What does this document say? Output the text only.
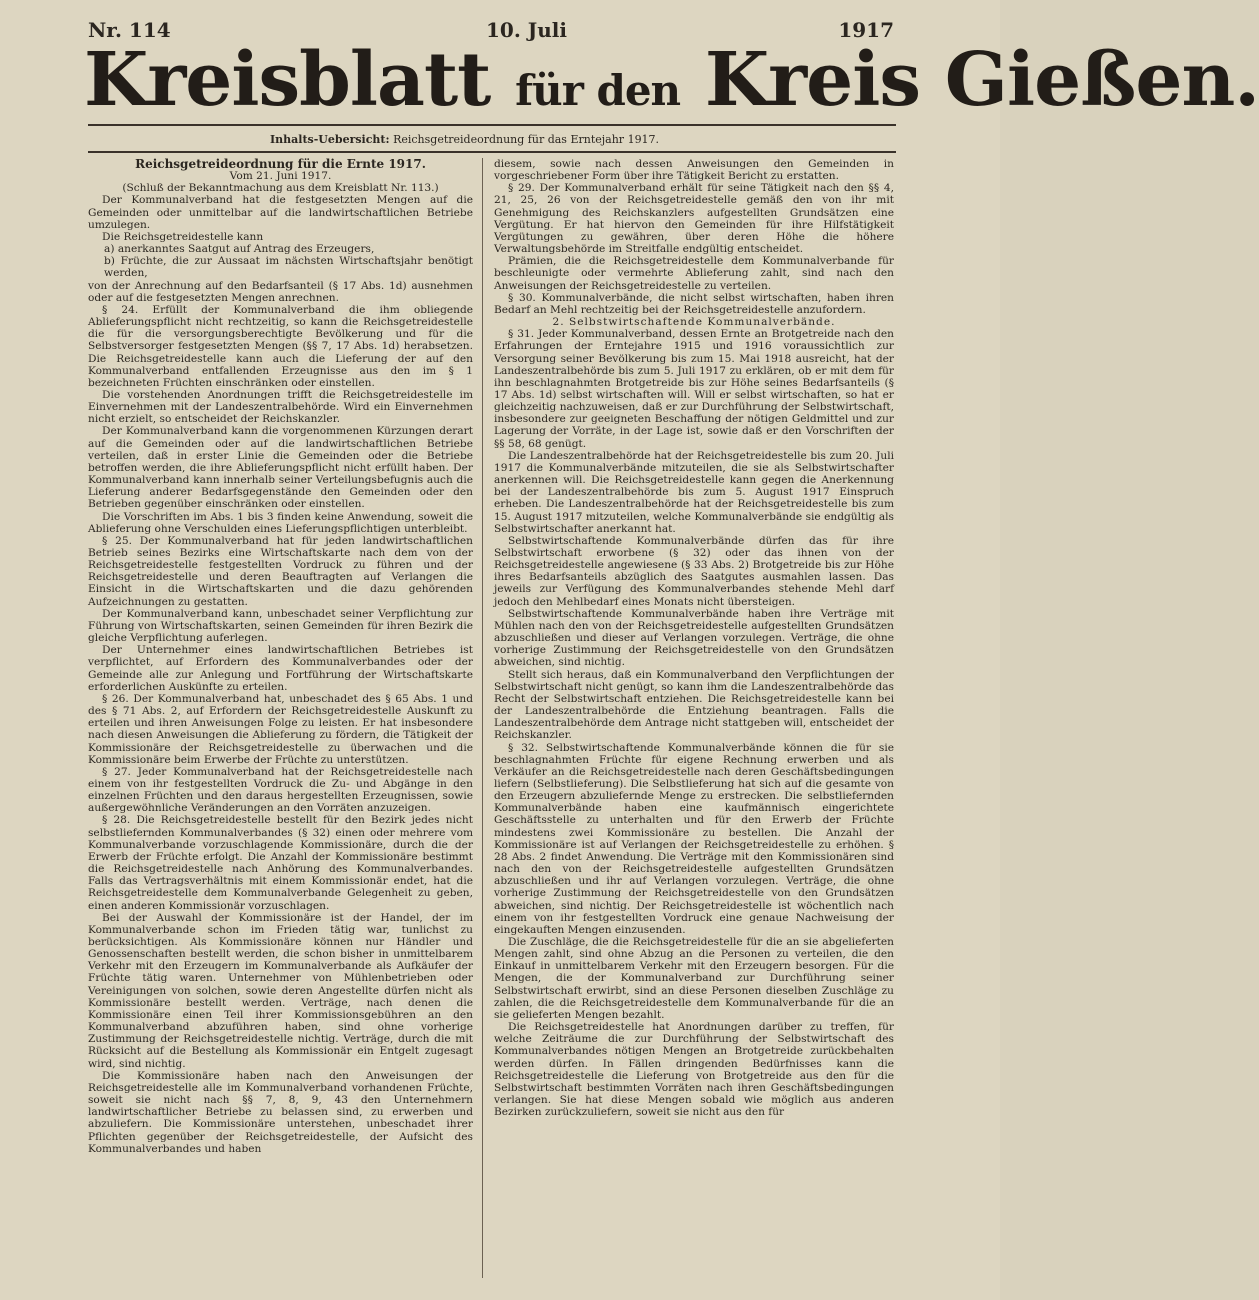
Nr. 114	10. Juli	1917
Kreisblatt für den Kreis Gießen.
Inhalts-Uebersicht: Reichsgetreideordnung für das Erntejahr 1917.

Reichsgetreideordnung für die Ernte 1917.

Vom 21. Juni 1917.

(Schluß der Bekanntmachung aus dem Kreisblatt Nr. 113.)

Der Kommunalverband hat die festgesetzten Mengen auf die Gemeinden oder unmittelbar auf die landwirtschaftlichen Betriebe umzulegen.

Die Reichsgetreidestelle kann

a) anerkanntes Saatgut auf Antrag des Erzeugers,

b) Früchte, die zur Aussaat im nächsten Wirtschaftsjahr benötigt werden,

von der Anrechnung auf den Bedarfsanteil (§ 17 Abs. 1d) ausnehmen oder auf die festgesetzten Mengen anrechnen.

§ 24. Erfüllt der Kommunalverband die ihm obliegende Ablieferungspflicht nicht rechtzeitig, so kann die Reichsgetreidestelle die für die versorgungsberechtigte Bevölkerung und für die Selbstversorger festgesetzten Mengen (§§ 7, 17 Abs. 1d) herabsetzen. Die Reichsgetreidestelle kann auch die Lieferung der auf den Kommunalverband entfallenden Erzeugnisse aus den im § 1 bezeichneten Früchten einschränken oder einstellen.

Die vorstehenden Anordnungen trifft die Reichsgetreidestelle im Einvernehmen mit der Landeszentralbehörde. Wird ein Einvernehmen nicht erzielt, so entscheidet der Reichskanzler.

Der Kommunalverband kann die vorgenommenen Kürzungen derart auf die Gemeinden oder auf die landwirtschaftlichen Betriebe verteilen, daß in erster Linie die Gemeinden oder die Betriebe betroffen werden, die ihre Ablieferungspflicht nicht erfüllt haben. Der Kommunalverband kann innerhalb seiner Verteilungsbefugnis auch die Lieferung anderer Bedarfsgegenstände den Gemeinden oder den Betrieben gegenüber einschränken oder einstellen.

Die Vorschriften im Abs. 1 bis 3 finden keine Anwendung, soweit die Ablieferung ohne Verschulden eines Lieferungspflichtigen unterbleibt.

§ 25. Der Kommunalverband hat für jeden landwirtschaftlichen Betrieb seines Bezirks eine Wirtschaftskarte nach dem von der Reichsgetreidestelle festgestellten Vordruck zu führen und der Reichsgetreidestelle und deren Beauftragten auf Verlangen die Einsicht in die Wirtschaftskarten und die dazu gehörenden Aufzeichnungen zu gestatten.

Der Kommunalverband kann, unbeschadet seiner Verpflichtung zur Führung von Wirtschaftskarten, seinen Gemeinden für ihren Bezirk die gleiche Verpflichtung auferlegen.

Der Unternehmer eines landwirtschaftlichen Betriebes ist verpflichtet, auf Erfordern des Kommunalverbandes oder der Gemeinde alle zur Anlegung und Fortführung der Wirtschaftskarte erforderlichen Auskünfte zu erteilen.

§ 26. Der Kommunalverband hat, unbeschadet des § 65 Abs. 1 und des § 71 Abs. 2, auf Erfordern der Reichsgetreidestelle Auskunft zu erteilen und ihren Anweisungen Folge zu leisten. Er hat insbesondere nach diesen Anweisungen die Ablieferung zu fördern, die Tätigkeit der Kommissionäre der Reichsgetreidestelle zu überwachen und die Kommissionäre beim Erwerbe der Früchte zu unterstützen.

§ 27. Jeder Kommunalverband hat der Reichsgetreidestelle nach einem von ihr festgestellten Vordruck die Zu- und Abgänge in den einzelnen Früchten und den daraus hergestellten Erzeugnissen, sowie außergewöhnliche Veränderungen an den Vorräten anzuzeigen.

§ 28. Die Reichsgetreidestelle bestellt für den Bezirk jedes nicht selbstliefernden Kommunalverbandes (§ 32) einen oder mehrere vom Kommunalverbande vorzuschlagende Kommissionäre, durch die der Erwerb der Früchte erfolgt. Die Anzahl der Kommissionäre bestimmt die Reichsgetreidestelle nach Anhörung des Kommunalverbandes. Falls das Vertragsverhältnis mit einem Kommissionär endet, hat die Reichsgetreidestelle dem Kommunalverbande Gelegenheit zu geben, einen anderen Kommissionär vorzuschlagen.

Bei der Auswahl der Kommissionäre ist der Handel, der im Kommunalverbande schon im Frieden tätig war, tunlichst zu berücksichtigen. Als Kommissionäre können nur Händler und Genossenschaften bestellt werden, die schon bisher in unmittelbarem Verkehr mit den Erzeugern im Kommunalverbande als Aufkäufer der Früchte tätig waren. Unternehmer von Mühlenbetrieben oder Vereinigungen von solchen, sowie deren Angestellte dürfen nicht als Kommissionäre bestellt werden. Verträge, nach denen die Kommissionäre einen Teil ihrer Kommissionsgebühren an den Kommunalverband abzuführen haben, sind ohne vorherige Zustimmung der Reichsgetreidestelle nichtig. Verträge, durch die mit Rücksicht auf die Bestellung als Kommissionär ein Entgelt zugesagt wird, sind nichtig.

Die Kommissionäre haben nach den Anweisungen der Reichsgetreidestelle alle im Kommunalverband vorhandenen Früchte, soweit sie nicht nach §§ 7, 8, 9, 43 den Unternehmern landwirtschaftlicher Betriebe zu belassen sind, zu erwerben und abzuliefern. Die Kommissionäre unterstehen, unbeschadet ihrer Pflichten gegenüber der Reichsgetreidestelle, der Aufsicht des Kommunalverbandes und haben

diesem, sowie nach dessen Anweisungen den Gemeinden in vorgeschriebener Form über ihre Tätigkeit Bericht zu erstatten.

§ 29. Der Kommunalverband erhält für seine Tätigkeit nach den §§ 4, 21, 25, 26 von der Reichsgetreidestelle gemäß den von ihr mit Genehmigung des Reichskanzlers aufgestellten Grundsätzen eine Vergütung. Er hat hiervon den Gemeinden für ihre Hilfstätigkeit Vergütungen zu gewähren, über deren Höhe die höhere Verwaltungsbehörde im Streitfalle endgültig entscheidet.

Prämien, die die Reichsgetreidestelle dem Kommunalverbande für beschleunigte oder vermehrte Ablieferung zahlt, sind nach den Anweisungen der Reichsgetreidestelle zu verteilen.

§ 30. Kommunalverbände, die nicht selbst wirtschaften, haben ihren Bedarf an Mehl rechtzeitig bei der Reichsgetreidestelle anzufordern.

2. Selbstwirtschaftende Kommunalverbände.

§ 31. Jeder Kommunalverband, dessen Ernte an Brotgetreide nach den Erfahrungen der Erntejahre 1915 und 1916 voraussichtlich zur Versorgung seiner Bevölkerung bis zum 15. Mai 1918 ausreicht, hat der Landeszentralbehörde bis zum 5. Juli 1917 zu erklären, ob er mit dem für ihn beschlagnahmten Brotgetreide bis zur Höhe seines Bedarfsanteils (§ 17 Abs. 1d) selbst wirtschaften will. Will er selbst wirtschaften, so hat er gleichzeitig nachzuweisen, daß er zur Durchführung der Selbstwirtschaft, insbesondere zur geeigneten Beschaffung der nötigen Geldmittel und zur Lagerung der Vorräte, in der Lage ist, sowie daß er den Vorschriften der §§ 58, 68 genügt.

Die Landeszentralbehörde hat der Reichsgetreidestelle bis zum 20. Juli 1917 die Kommunalverbände mitzuteilen, die sie als Selbstwirtschafter anerkennen will. Die Reichsgetreidestelle kann gegen die Anerkennung bei der Landeszentralbehörde bis zum 5. August 1917 Einspruch erheben. Die Landeszentralbehörde hat der Reichsgetreidestelle bis zum 15. August 1917 mitzuteilen, welche Kommunalverbände sie endgültig als Selbstwirtschafter anerkannt hat.

Selbstwirtschaftende Kommunalverbände dürfen das für ihre Selbstwirtschaft erworbene (§ 32) oder das ihnen von der Reichsgetreidestelle angewiesene (§ 33 Abs. 2) Brotgetreide bis zur Höhe ihres Bedarfsanteils abzüglich des Saatgutes ausmahlen lassen. Das jeweils zur Verfügung des Kommunalverbandes stehende Mehl darf jedoch den Mehlbedarf eines Monats nicht übersteigen.

Selbstwirtschaftende Kommunalverbände haben ihre Verträge mit Mühlen nach den von der Reichsgetreidestelle aufgestellten Grundsätzen abzuschließen und dieser auf Verlangen vorzulegen. Verträge, die ohne vorherige Zustimmung der Reichsgetreidestelle von den Grundsätzen abweichen, sind nichtig.

Stellt sich heraus, daß ein Kommunalverband den Verpflichtungen der Selbstwirtschaft nicht genügt, so kann ihm die Landeszentralbehörde das Recht der Selbstwirtschaft entziehen. Die Reichsgetreidestelle kann bei der Landeszentralbehörde die Entziehung beantragen. Falls die Landeszentralbehörde dem Antrage nicht stattgeben will, entscheidet der Reichskanzler.

§ 32. Selbstwirtschaftende Kommunalverbände können die für sie beschlagnahmten Früchte für eigene Rechnung erwerben und als Verkäufer an die Reichsgetreidestelle nach deren Geschäftsbedingungen liefern (Selbstlieferung). Die Selbstlieferung hat sich auf die gesamte von den Erzeugern abzuliefernde Menge zu erstrecken. Die selbstliefernden Kommunalverbände haben eine kaufmännisch eingerichtete Geschäftsstelle zu unterhalten und für den Erwerb der Früchte mindestens zwei Kommissionäre zu bestellen. Die Anzahl der Kommissionäre ist auf Verlangen der Reichsgetreidestelle zu erhöhen. § 28 Abs. 2 findet Anwendung. Die Verträge mit den Kommissionären sind nach den von der Reichsgetreidestelle aufgestellten Grundsätzen abzuschließen und ihr auf Verlangen vorzulegen. Verträge, die ohne vorherige Zustimmung der Reichsgetreidestelle von den Grundsätzen abweichen, sind nichtig. Der Reichsgetreidestelle ist wöchentlich nach einem von ihr festgestellten Vordruck eine genaue Nachweisung der eingekauften Mengen einzusenden.

Die Zuschläge, die die Reichsgetreidestelle für die an sie abgelieferten Mengen zahlt, sind ohne Abzug an die Personen zu verteilen, die den Einkauf in unmittelbarem Verkehr mit den Erzeugern besorgen. Für die Mengen, die der Kommunalverband zur Durchführung seiner Selbstwirtschaft erwirbt, sind an diese Personen dieselben Zuschläge zu zahlen, die die Reichsgetreidestelle dem Kommunalverbande für die an sie gelieferten Mengen bezahlt.

Die Reichsgetreidestelle hat Anordnungen darüber zu treffen, für welche Zeiträume die zur Durchführung der Selbstwirtschaft des Kommunalverbandes nötigen Mengen an Brotgetreide zurückbehalten werden dürfen. In Fällen dringenden Bedürfnisses kann die Reichsgetreidestelle die Lieferung von Brotgetreide aus den für die Selbstwirtschaft bestimmten Vorräten nach ihren Geschäftsbedingungen verlangen. Sie hat diese Mengen sobald wie möglich aus anderen Bezirken zurückzuliefern, soweit sie nicht aus den für
